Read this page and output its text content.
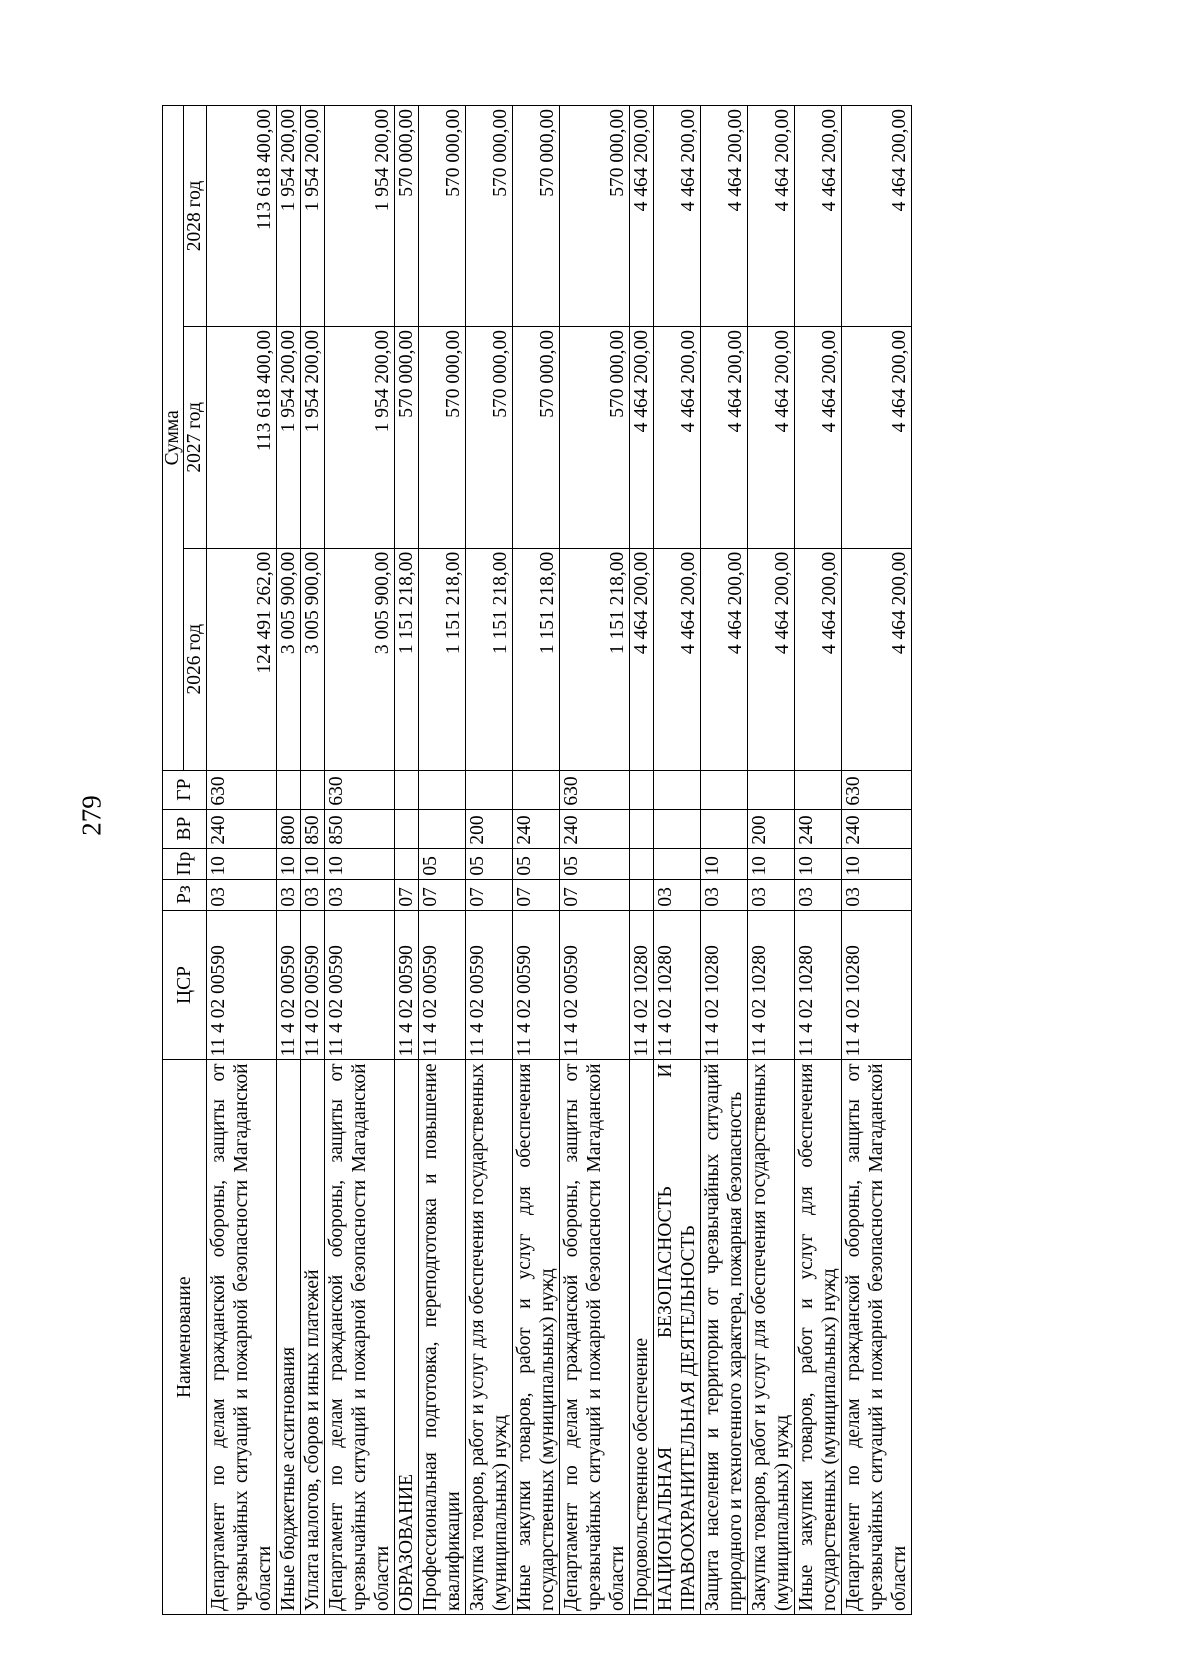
279
Наименование	ЦСР	Рз	Пр	ВР	ГР	Сумма		
						2026 год	2027 год	2028 год
Департамент по делам гражданской обороны, защиты от чрезвычайных ситуаций и пожарной безопасности Магаданской области	11 4 02 00590	03	10	240	630	124 491 262,00	113 618 400,00	113 618 400,00
Иные бюджетные ассигнования	11 4 02 00590	03	10	800		3 005 900,00	1 954 200,00	1 954 200,00
Уплата налогов, сборов и иных платежей	11 4 02 00590	03	10	850		3 005 900,00	1 954 200,00	1 954 200,00
Департамент по делам гражданской обороны, защиты от чрезвычайных ситуаций и пожарной безопасности Магаданской области	11 4 02 00590	03	10	850	630	3 005 900,00	1 954 200,00	1 954 200,00
ОБРАЗОВАНИЕ	11 4 02 00590	07				1 151 218,00	570 000,00	570 000,00
Профессиональная подготовка, переподготовка и повышение квалификации	11 4 02 00590	07	05			1 151 218,00	570 000,00	570 000,00
Закупка товаров, работ и услуг для обеспечения государственных (муниципальных) нужд	11 4 02 00590	07	05	200		1 151 218,00	570 000,00	570 000,00
Иные закупки товаров, работ и услуг для обеспечения государственных (муниципальных) нужд	11 4 02 00590	07	05	240		1 151 218,00	570 000,00	570 000,00
Департамент по делам гражданской обороны, защиты от чрезвычайных ситуаций и пожарной безопасности Магаданской области	11 4 02 00590	07	05	240	630	1 151 218,00	570 000,00	570 000,00
Продовольственное обеспечение	11 4 02 10280					4 464 200,00	4 464 200,00	4 464 200,00
НАЦИОНАЛЬНАЯ БЕЗОПАСНОСТЬ И ПРАВООХРАНИТЕЛЬНАЯ ДЕЯТЕЛЬНОСТЬ	11 4 02 10280	03				4 464 200,00	4 464 200,00	4 464 200,00
Защита населения и территории от чрезвычайных ситуаций природного и техногенного характера, пожарная безопасность	11 4 02 10280	03	10			4 464 200,00	4 464 200,00	4 464 200,00
Закупка товаров, работ и услуг для обеспечения государственных (муниципальных) нужд	11 4 02 10280	03	10	200		4 464 200,00	4 464 200,00	4 464 200,00
Иные закупки товаров, работ и услуг для обеспечения государственных (муниципальных) нужд	11 4 02 10280	03	10	240		4 464 200,00	4 464 200,00	4 464 200,00
Департамент по делам гражданской обороны, защиты от чрезвычайных ситуаций и пожарной безопасности Магаданской области	11 4 02 10280	03	10	240	630	4 464 200,00	4 464 200,00	4 464 200,00
